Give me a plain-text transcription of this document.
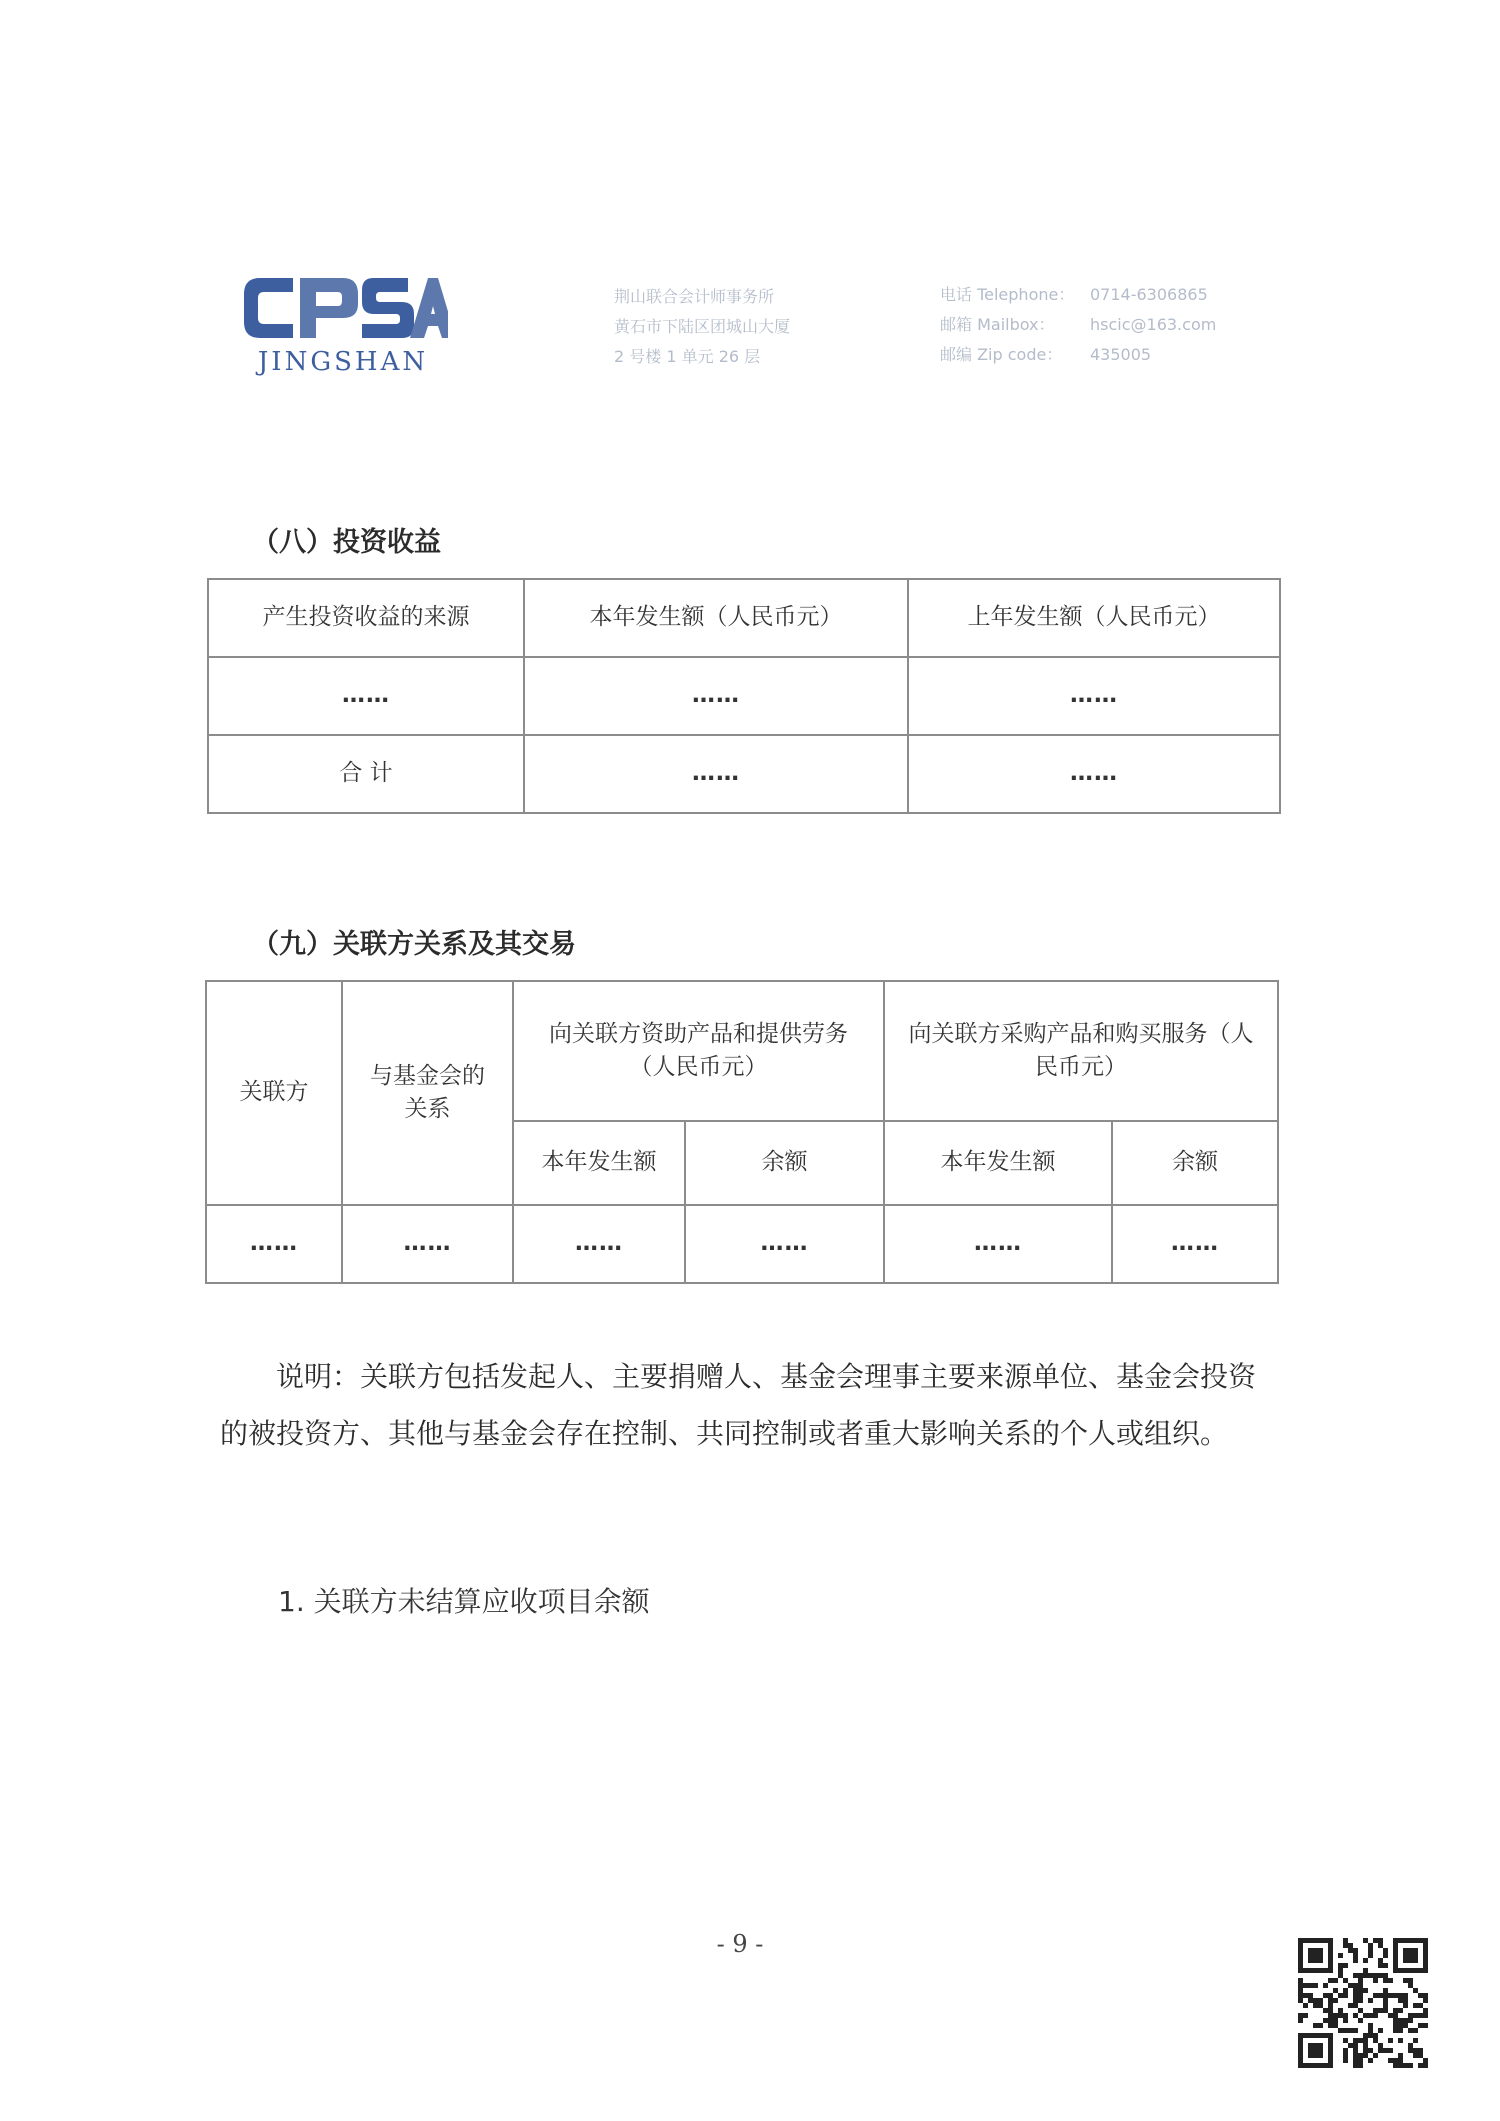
JINGSHAN
荆山联合会计师事务所
黄石市下陆区团城山大厦
2 号楼 1 单元 26 层
电话 Telephone： 0714-6306865
邮箱 Mailbox： hscic@163.com
邮编 Zip code： 435005
（八）投资收益
产生投资收益的来源	本年发生额（人民币元）	上年发生额（人民币元）
……	……	……
合 计	……	……
（九）关联方关系及其交易
关联方	与基金会的关系	向关联方资助产品和提供劳务（人民币元）		向关联方采购产品和购买服务（人民币元）	
		本年发生额	余额	本年发生额	余额
……	……	……	……	……	……
说明：关联方包括发起人、主要捐赠人、基金会理事主要来源单位、基金会投资的被投资方、其他与基金会存在控制、共同控制或者重大影响关系的个人或组织。
1. 关联方未结算应收项目余额
- 9 -
